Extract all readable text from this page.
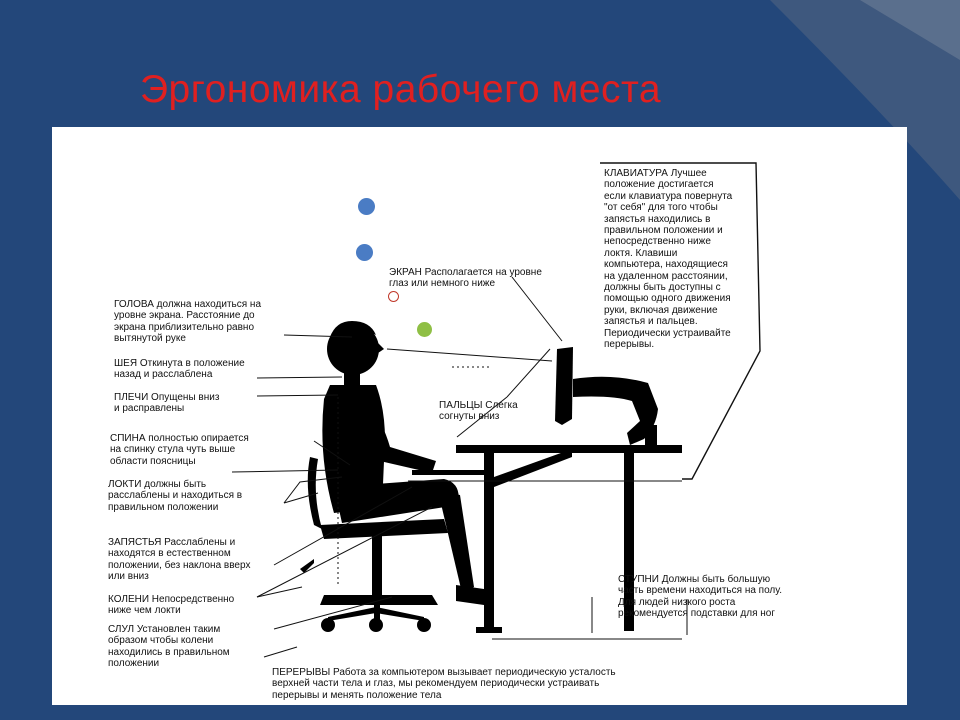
Эргономика рабочего места

КЛАВИАТУРА Лучшее

положение достигается

если клавиатура повернута

"от себя" для того чтобы

запястья находились в

правильном положении и

непосредственно ниже

локтя. Клавиши

компьютера, находящиеся

на удаленном расстоянии,

должны быть доступны с

помощью одного движения

руки, включая движение

запястья и пальцев.

Периодически устраивайте

перерывы.

ЭКРАН Располагается на уровне

глаз или немного ниже

ГОЛОВА должна находиться на

уровне экрана. Расстояние до

экрана приблизительно равно

вытянутой руке

ШЕЯ Откинута в положение

назад и расслаблена

ПЛЕЧИ Опущены вниз

и расправлены	ПАЛЬЦЫ Слегка

согнуты вниз

СПИНА полностью опирается

на спинку стула чуть выше

области поясницы

ЛОКТИ должны быть

расслаблены и находиться в

правильном положении

ЗАПЯСТЬЯ Расслаблены и

находятся в естественном

положении, без наклона вверх

или вниз

КОЛЕНИ Непосредственно

ниже чем локти

СЛУЛ Установлен таким

образом чтобы колени

находились в правильном

положении

СТУПНИ Должны быть большую

часть времени находиться на полу.

Для людей низкого роста

рекомендуется подставки для ног

ПЕРЕРЫВЫ Работа за компьютером вызывает периодическую усталость

верхней части тела и глаз, мы рекомендуем периодически устраивать

перерывы и менять положение тела
